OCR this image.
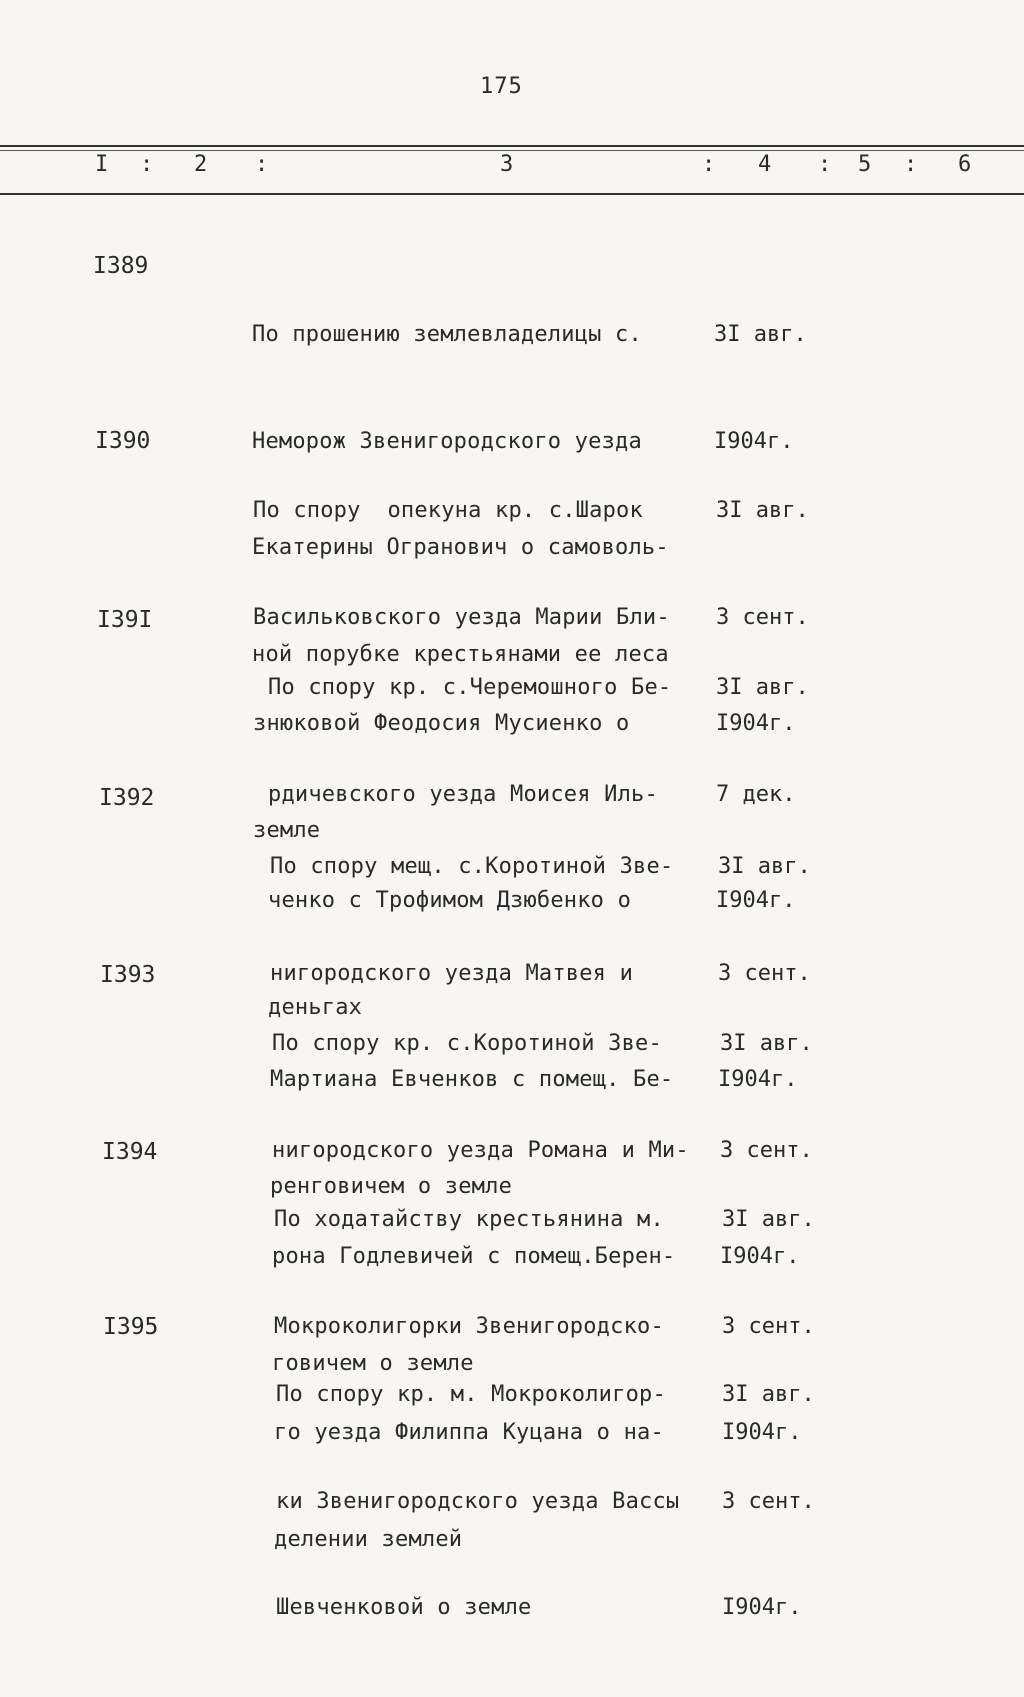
175
I : 2 :	3	: 4 : 5 : 6
I389

По прошению землевладелицы с.

Неморож Звенигородского уезда

Екатерины Огранович о самоволь-

ной порубке крестьянами ее леса

3I авг.

I904г.

I390

По спору  опекуна кр. с.Шарок

Васильковского уезда Марии Бли-

знюковой Феодосия Мусиенко о

земле

3I авг.

3 сент.

I904г.

I39I

По спору кр. с.Черемошного Бе-

рдичевского уезда Моисея Иль-

ченко с Трофимом Дзюбенко о

деньгах

3I авг.

7 дек.

I904г.

I392

По спору мещ. с.Коротиной Зве-

нигородского уезда Матвея и

Мартиана Евченков с помещ. Бе-

ренговичем о земле

3I авг.

3 сент.

I904г.

I393

По спору кр. с.Коротиной Зве-

нигородского уезда Романа и Ми-

рона Годлевичей с помещ.Берен-

говичем о земле

3I авг.

3 сент.

I904г.

I394

По ходатайству крестьянина м.

Мокроколигорки Звенигородско-

го уезда Филиппа Куцана о на-

делении землей

3I авг.

3 сент.

I904г.

I395

По спору кр. м. Мокроколигор-

ки Звенигородского уезда Вассы

Шевченковой о земле

3I авг.

3 сент.

I904г.
